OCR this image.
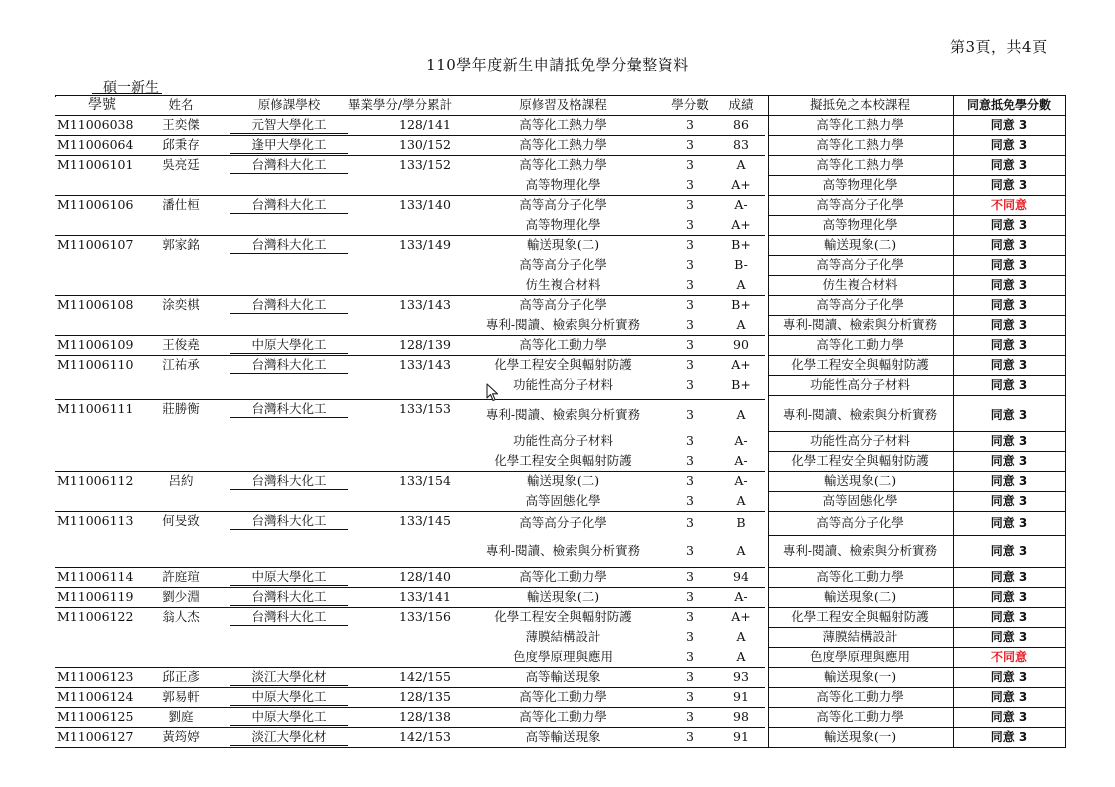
第3頁，共4頁
110學年度新生申請抵免學分彙整資料
碩一新生
學號	姓名	原修課學校	畢業學分/學分累計	原修習及格課程	學分數	成績	擬抵免之本校課程	同意抵免學分數
M11006038	王奕傑	元智大學化工	128/141	高等化工熱力學	3	86	高等化工熱力學	同意 3
M11006064	邱秉存	逢甲大學化工	130/152	高等化工熱力學	3	83	高等化工熱力學	同意 3
M11006101	吳亮廷	台灣科大化工	133/152	高等化工熱力學	3	A	高等化工熱力學	同意 3
高等物理化學	3	A+	高等物理化學	同意 3
M11006106	潘仕桓	台灣科大化工	133/140	高等高分子化學	3	A-	高等高分子化學	不同意
高等物理化學	3	A+	高等物理化學	同意 3
M11006107	郭家銘	台灣科大化工	133/149	輸送現象(二)	3	B+	輸送現象(二)	同意 3
高等高分子化學	3	B-	高等高分子化學	同意 3
仿生複合材料	3	A	仿生複合材料	同意 3
M11006108	涂奕棋	台灣科大化工	133/143	高等高分子化學	3	B+	高等高分子化學	同意 3
專利-閱讀、檢索與分析實務	3	A	專利-閱讀、檢索與分析實務	同意 3
M11006109	王俊堯	中原大學化工	128/139	高等化工動力學	3	90	高等化工動力學	同意 3
M11006110	江祐承	台灣科大化工	133/143	化學工程安全與輻射防護	3	A+	化學工程安全與輻射防護	同意 3
功能性高分子材料	3	B+	功能性高分子材料	同意 3
M11006111	莊勝衡	台灣科大化工	133/153	專利-閱讀、檢索與分析實務	3	A	專利-閱讀、檢索與分析實務	同意 3
功能性高分子材料	3	A-	功能性高分子材料	同意 3
化學工程安全與輻射防護	3	A-	化學工程安全與輻射防護	同意 3
M11006112	呂約	台灣科大化工	133/154	輸送現象(二)	3	A-	輸送現象(二)	同意 3
高等固態化學	3	A	高等固態化學	同意 3
M11006113	何旻致	台灣科大化工	133/145	高等高分子化學	3	B	高等高分子化學	同意 3
專利-閱讀、檢索與分析實務	3	A	專利-閱讀、檢索與分析實務	同意 3
M11006114	許庭瑄	中原大學化工	128/140	高等化工動力學	3	94	高等化工動力學	同意 3
M11006119	劉少淵	台灣科大化工	133/141	輸送現象(二)	3	A-	輸送現象(二)	同意 3
M11006122	翁人杰	台灣科大化工	133/156	化學工程安全與輻射防護	3	A+	化學工程安全與輻射防護	同意 3
薄膜結構設計	3	A	薄膜結構設計	同意 3
色度學原理與應用	3	A	色度學原理與應用	不同意
M11006123	邱正彥	淡江大學化材	142/155	高等輸送現象	3	93	輸送現象(一)	同意 3
M11006124	郭易軒	中原大學化工	128/135	高等化工動力學	3	91	高等化工動力學	同意 3
M11006125	劉庭	中原大學化工	128/138	高等化工動力學	3	98	高等化工動力學	同意 3
M11006127	黃筠婷	淡江大學化材	142/153	高等輸送現象	3	91	輸送現象(一)	同意 3
